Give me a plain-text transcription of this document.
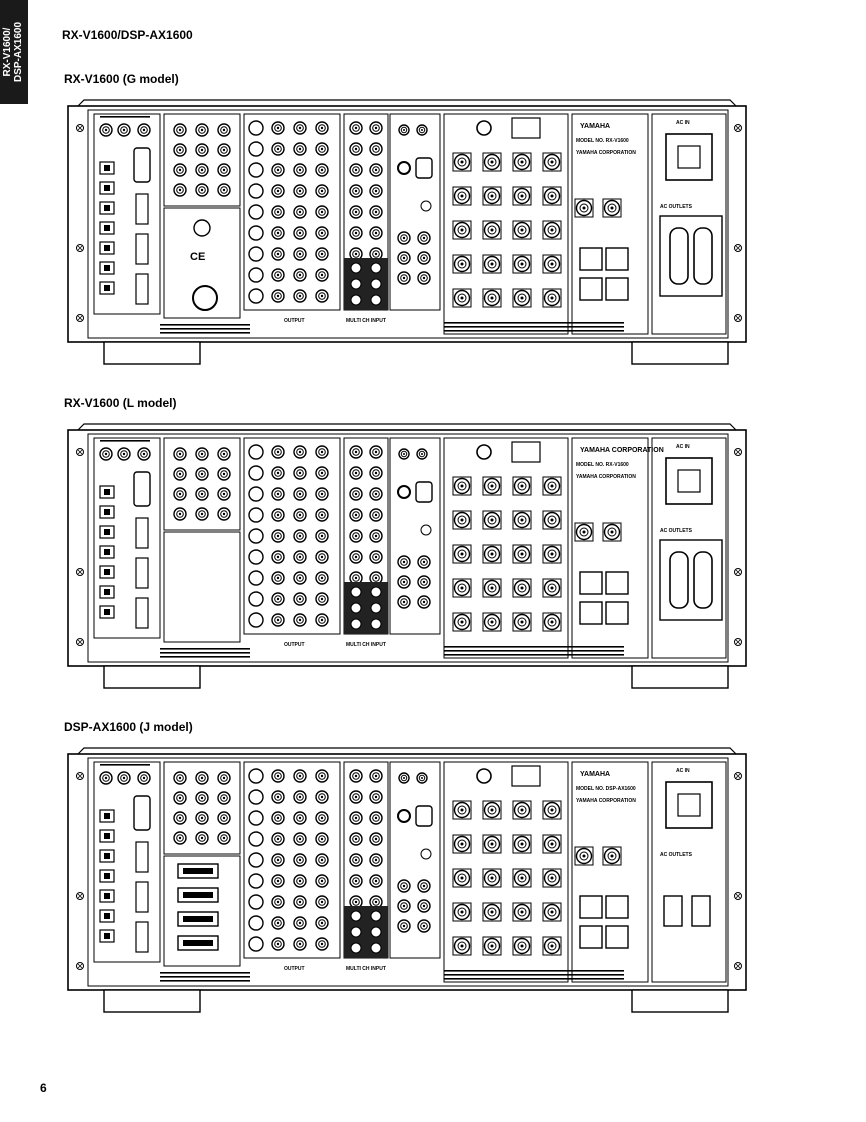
RX-V1600/ DSP-AX1600	RX-V1600/DSP-AX1600
RX-V1600 (G model)
CE
OUTPUT	MULTI CH INPUT
YAMAHA
MODEL NO. RX-V1600
YAMAHA CORPORATION
AC IN
AC OUTLETS
RX-V1600 (L model)
OUTPUT	MULTI CH INPUT
YAMAHA CORPORATION
MODEL NO. RX-V1600
YAMAHA CORPORATION
AC IN
AC OUTLETS
DSP-AX1600 (J model)
OUTPUT	MULTI CH INPUT
YAMAHA
MODEL NO. DSP-AX1600
YAMAHA CORPORATION
AC IN
AC OUTLETS
6
